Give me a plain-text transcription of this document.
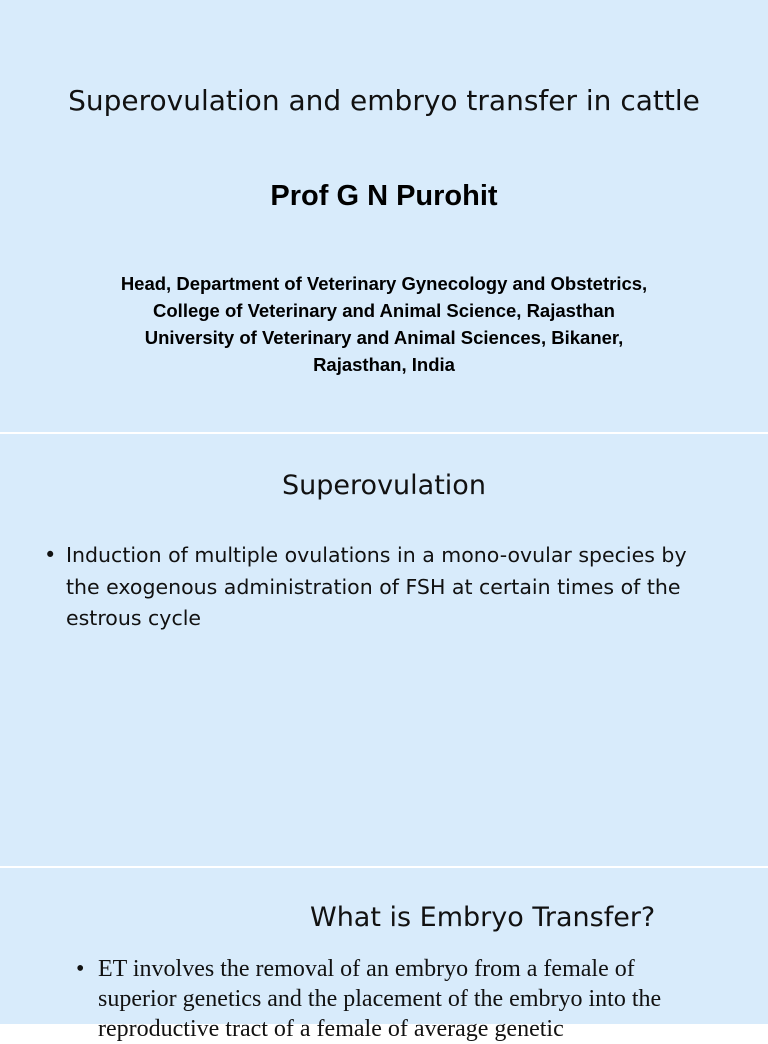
Superovulation and embryo transfer in cattle
Prof G N Purohit
Head, Department of Veterinary Gynecology and Obstetrics, College of Veterinary and Animal Science, Rajasthan University of Veterinary and Animal Sciences, Bikaner, Rajasthan, India
Superovulation
• Induction of multiple ovulations in a mono-ovular species by the exogenous administration of FSH at certain times of the estrous cycle
What is Embryo Transfer?
• ET involves the removal of an embryo from a female of superior genetics and the placement of the embryo into the reproductive tract of a female of average genetic
